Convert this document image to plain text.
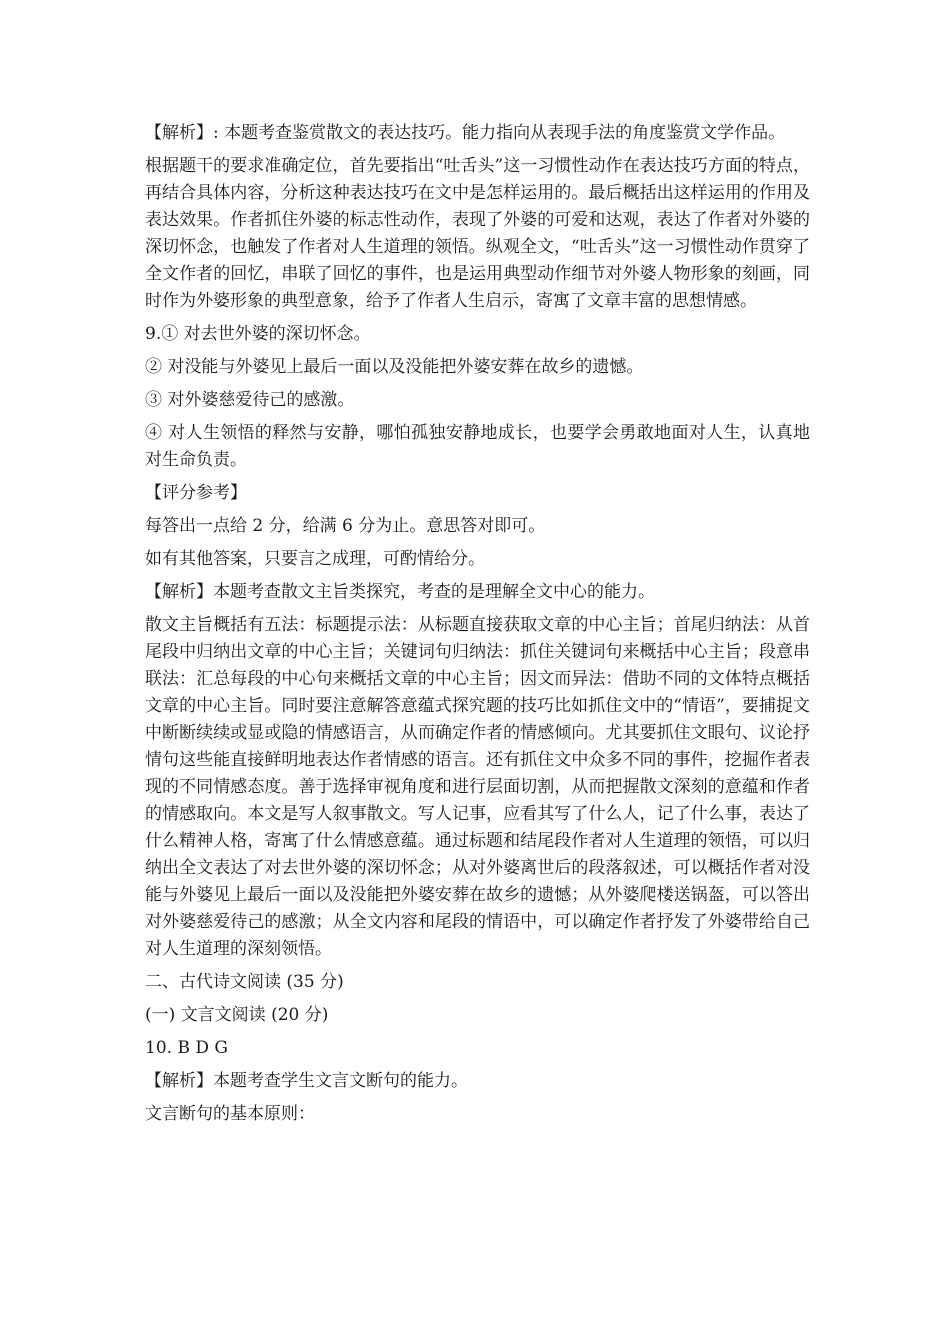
【解析】: 本题考查鉴赏散文的表达技巧。能力指向从表现手法的角度鉴赏文学作品。

根据题干的要求准确定位，首先要指出“吐舌头”这一习惯性动作在表达技巧方面的特点，再结合具体内容，分析这种表达技巧在文中是怎样运用的。最后概括出这样运用的作用及表达效果。作者抓住外婆的标志性动作，表现了外婆的可爱和达观，表达了作者对外婆的深切怀念，也触发了作者对人生道理的领悟。纵观全文，“吐舌头”这一习惯性动作贯穿了全文作者的回忆，串联了回忆的事件，也是运用典型动作细节对外婆人物形象的刻画，同时作为外婆形象的典型意象，给予了作者人生启示，寄寓了文章丰富的思想情感。

9.① 对去世外婆的深切怀念。

② 对没能与外婆见上最后一面以及没能把外婆安葬在故乡的遗憾。

③ 对外婆慈爱待己的感激。

④ 对人生领悟的释然与安静，哪怕孤独安静地成长，也要学会勇敢地面对人生，认真地对生命负责。

【评分参考】

每答出一点给 2 分，给满 6 分为止。意思答对即可。

如有其他答案，只要言之成理，可酌情给分。

【解析】本题考查散文主旨类探究，考查的是理解全文中心的能力。

散文主旨概括有五法：标题提示法：从标题直接获取文章的中心主旨；首尾归纳法：从首尾段中归纳出文章的中心主旨；关键词句归纳法：抓住关键词句来概括中心主旨；段意串联法：汇总每段的中心句来概括文章的中心主旨；因文而异法：借助不同的文体特点概括文章的中心主旨。同时要注意解答意蕴式探究题的技巧比如抓住文中的“情语”，要捕捉文中断断续续或显或隐的情感语言，从而确定作者的情感倾向。尤其要抓住文眼句、议论抒情句这些能直接鲜明地表达作者情感的语言。还有抓住文中众多不同的事件，挖掘作者表现的不同情感态度。善于选择审视角度和进行层面切割，从而把握散文深刻的意蕴和作者的情感取向。本文是写人叙事散文。写人记事，应看其写了什么人，记了什么事，表达了什么精神人格，寄寓了什么情感意蕴。通过标题和结尾段作者对人生道理的领悟，可以归纳出全文表达了对去世外婆的深切怀念；从对外婆离世后的段落叙述，可以概括作者对没能与外婆见上最后一面以及没能把外婆安葬在故乡的遗憾；从外婆爬楼送锅盔，可以答出对外婆慈爱待己的感激；从全文内容和尾段的情语中，可以确定作者抒发了外婆带给自己对人生道理的深刻领悟。

二、古代诗文阅读 (35 分)

(一) 文言文阅读 (20 分)

10. B D G

【解析】本题考查学生文言文断句的能力。

文言断句的基本原则：
